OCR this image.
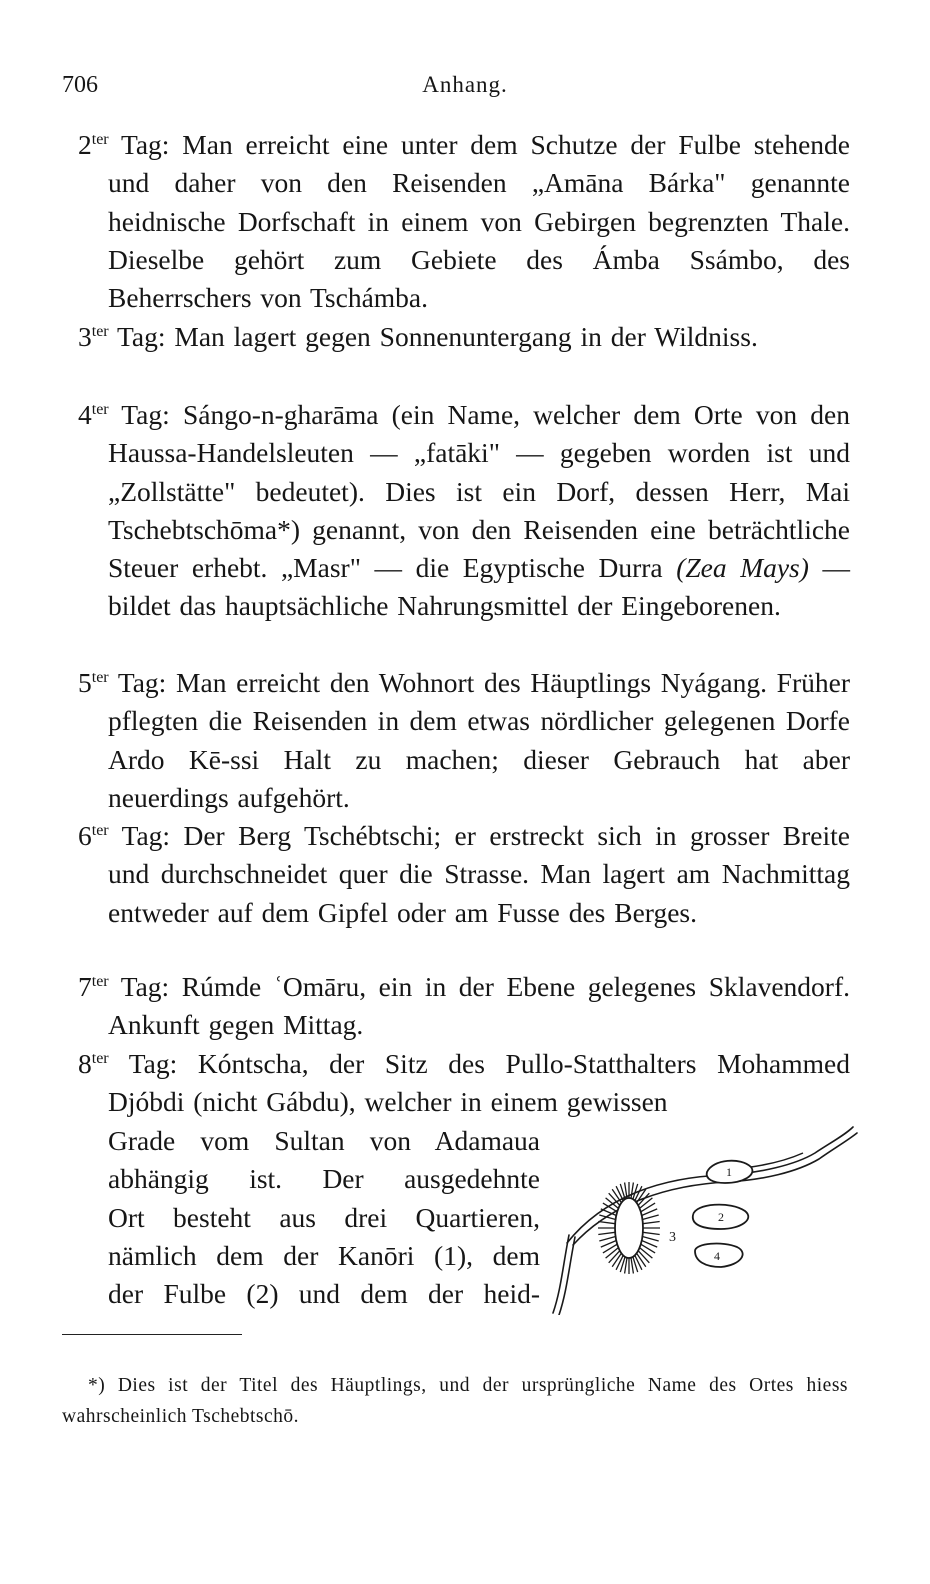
706	Anhang.
$2^{ter}$ Tag: Man erreicht eine unter dem Schutze der Fulbe stehende und daher von den Reisenden „Amāna Bárka" genannte heidnische Dorfschaft in einem von Gebirgen begrenzten Thale. Dieselbe gehört zum Gebiete des Ámba Ssámbo, des Beherrschers von Tschámba.
$3^{ter}$ Tag: Man lagert gegen Sonnenuntergang in der Wildniss.
$4^{ter}$ Tag: Sángo-n-gharāma (ein Name, welcher dem Orte von den Haussa-Handelsleuten — „fatāki" — gegeben worden ist und „Zollstätte" bedeutet). Dies ist ein Dorf, dessen Herr, Mai Tschebtschōma*) genannt, von den Reisenden eine beträchtliche Steuer erhebt. „Masr" — die Egyptische Durra (Zea Mays) — bildet das hauptsächliche Nahrungsmittel der Eingeborenen.
$5^{ter}$ Tag: Man erreicht den Wohnort des Häuptlings Nyágang. Früher pflegten die Reisenden in dem etwas nördlicher gelegenen Dorfe Ardo Kē-ssi Halt zu machen; dieser Gebrauch hat aber neuerdings aufgehört.
$6^{ter}$ Tag: Der Berg Tschébtschi; er erstreckt sich in grosser Breite und durchschneidet quer die Strasse. Man lagert am Nachmittag entweder auf dem Gipfel oder am Fusse des Berges.
$7^{ter}$ Tag: Rúmde ʿOmāru, ein in der Ebene gelegenes Sklavendorf. Ankunft gegen Mittag.
$8^{ter}$ Tag: Kóntscha, der Sitz des Pullo-Statthalters Mohammed Djóbdi (nicht Gábdu), welcher in einem gewissen
Grade vom Sultan von Adamaua
abhängig ist. Der ausgedehnte
Ort besteht aus drei Quartieren,
nämlich dem der Kanōri (1), dem
der Fulbe (2) und dem der heid-
1
2
3
4
*) Dies ist der Titel des Häuptlings, und der ursprüngliche Name des Ortes hiess wahrscheinlich Tschebtschō.
